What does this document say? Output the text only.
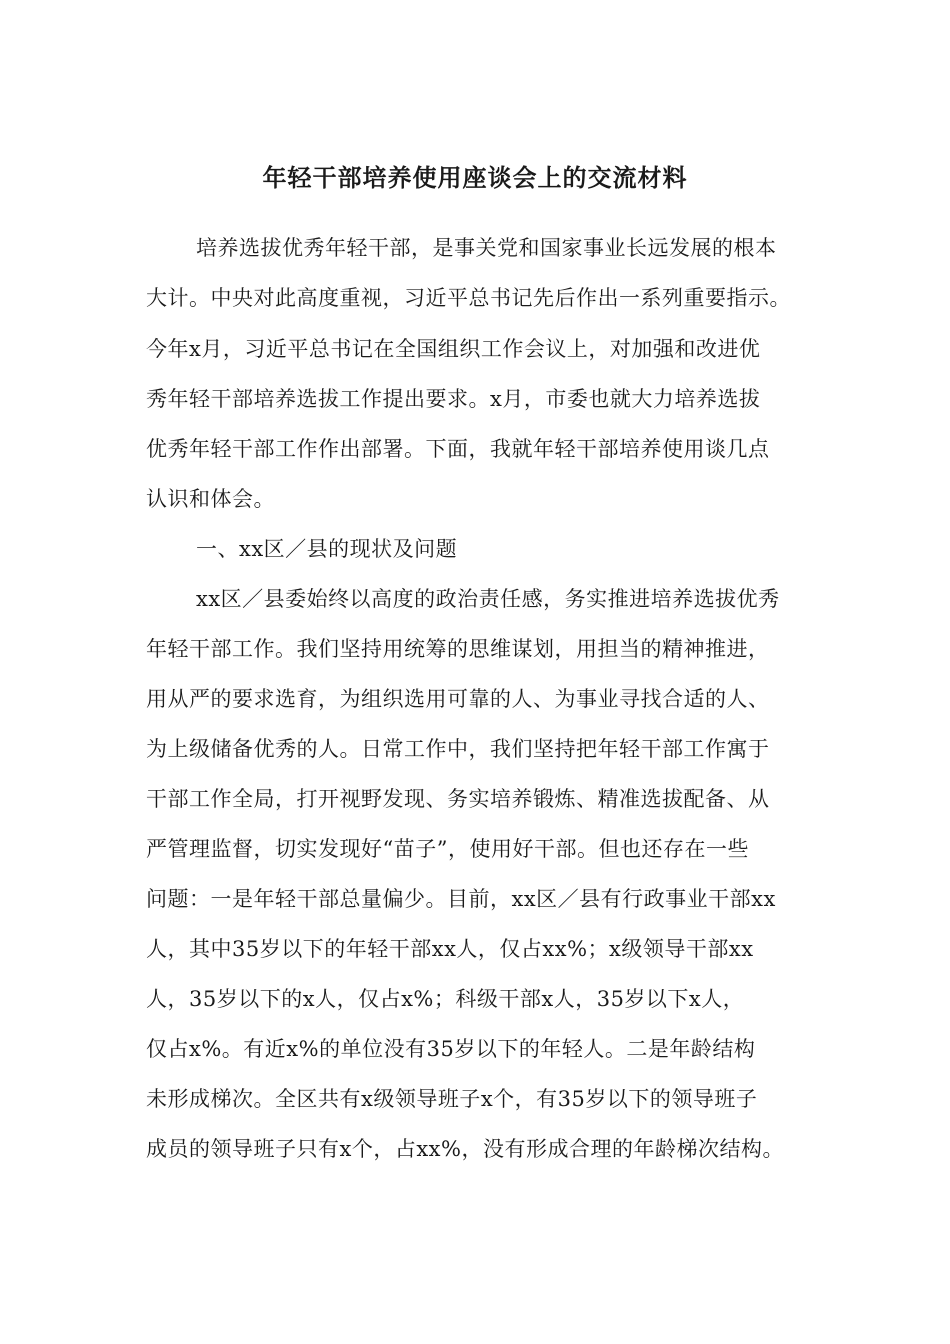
年轻干部培养使用座谈会上的交流材料
培养选拔优秀年轻干部，是事关党和国家事业长远发展的根本
大计。中央对此高度重视，习近平总书记先后作出一系列重要指示。
今年x月，习近平总书记在全国组织工作会议上，对加强和改进优
秀年轻干部培养选拔工作提出要求。x月，市委也就大力培养选拔
优秀年轻干部工作作出部署。下面，我就年轻干部培养使用谈几点
认识和体会。
一、xx区／县的现状及问题
xx区／县委始终以高度的政治责任感，务实推进培养选拔优秀
年轻干部工作。我们坚持用统筹的思维谋划，用担当的精神推进，
用从严的要求选育，为组织选用可靠的人、为事业寻找合适的人、
为上级储备优秀的人。日常工作中，我们坚持把年轻干部工作寓于
干部工作全局，打开视野发现、务实培养锻炼、精准选拔配备、从
严管理监督，切实发现好“苗子”，使用好干部。但也还存在一些
问题：一是年轻干部总量偏少。目前，xx区／县有行政事业干部xx
人，其中35岁以下的年轻干部xx人，仅占xx%；x级领导干部xx
人，35岁以下的x人，仅占x%；科级干部x人，35岁以下x人，
仅占x%。有近x%的单位没有35岁以下的年轻人。二是年龄结构
未形成梯次。全区共有x级领导班子x个，有35岁以下的领导班子
成员的领导班子只有x个，占xx%，没有形成合理的年龄梯次结构。
